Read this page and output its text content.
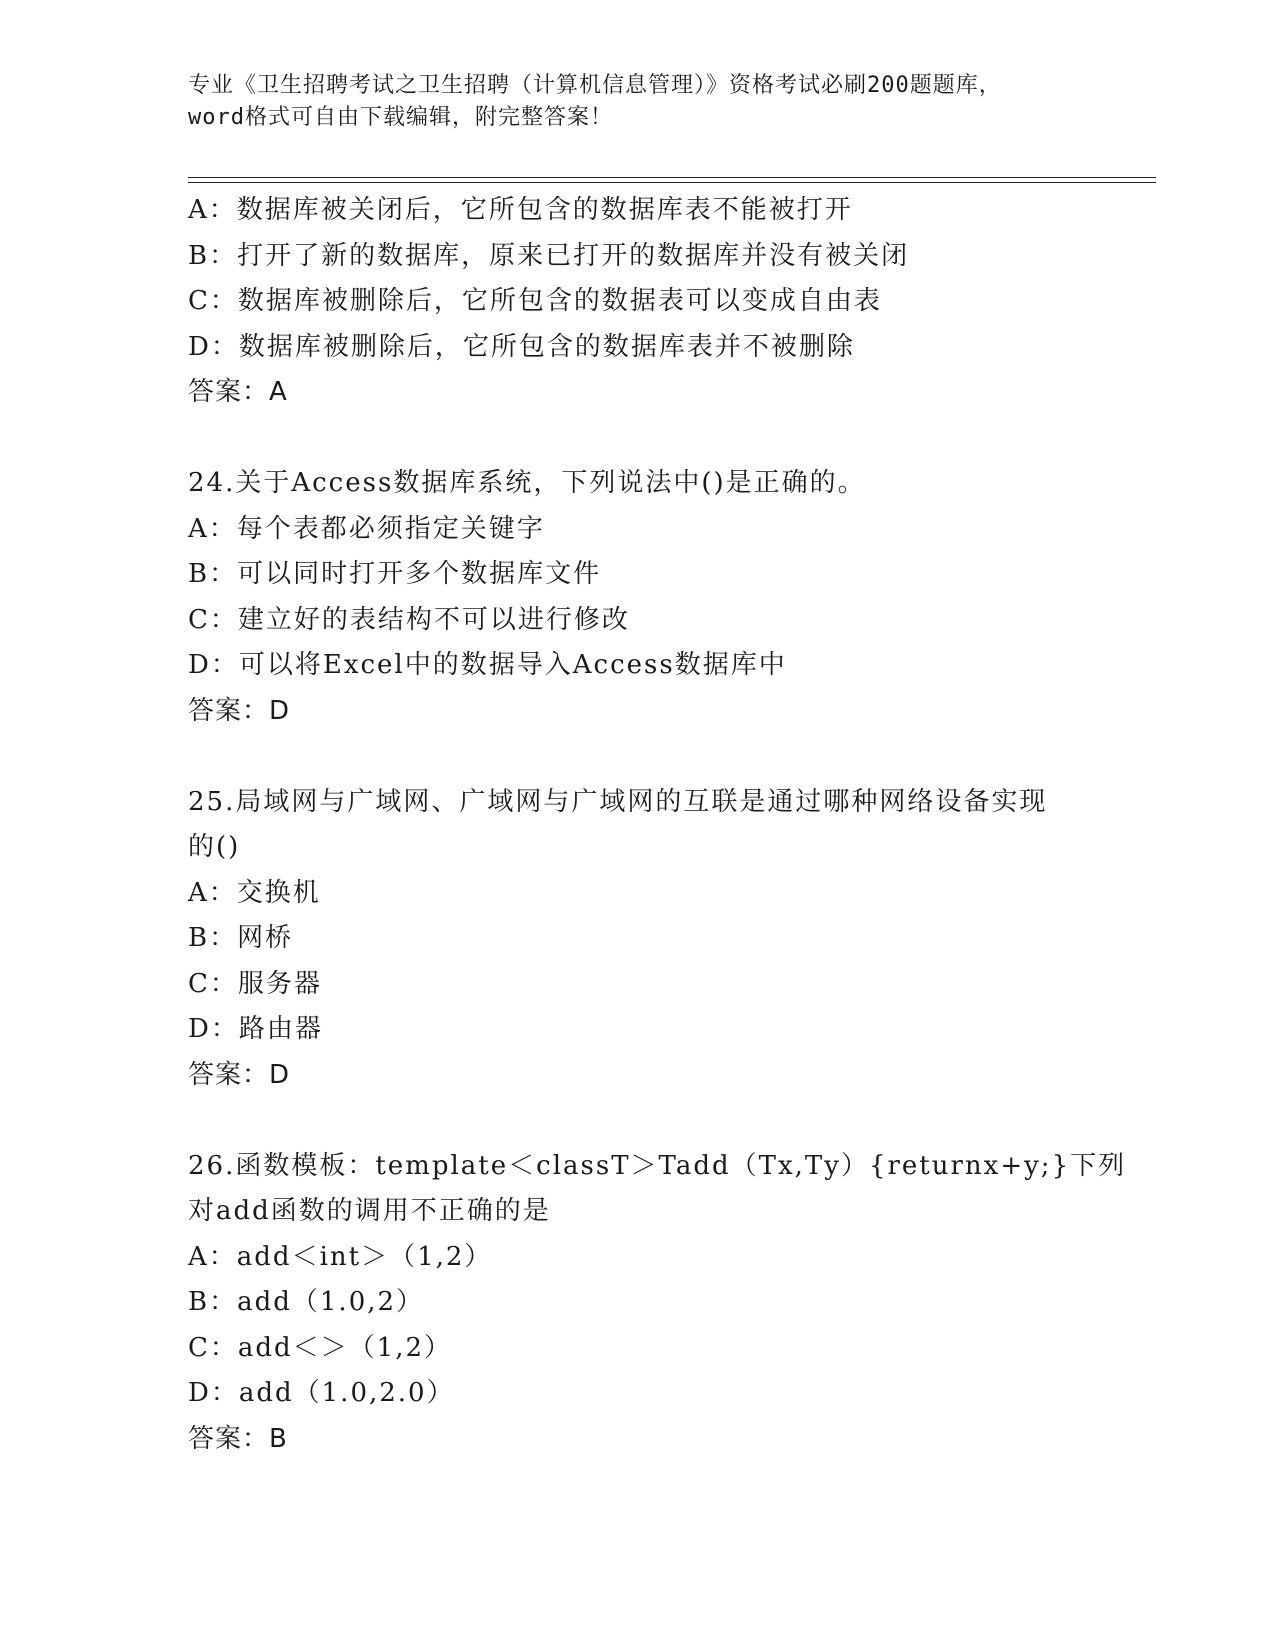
专业《卫生招聘考试之卫生招聘（计算机信息管理）》资格考试必刷200题题库，
word格式可自由下载编辑，附完整答案！
A：数据库被关闭后，它所包含的数据库表不能被打开
B：打开了新的数据库，原来已打开的数据库并没有被关闭
C：数据库被删除后，它所包含的数据表可以变成自由表
D：数据库被删除后，它所包含的数据库表并不被删除
答案：A
24.关于Access数据库系统，下列说法中()是正确的。
A：每个表都必须指定关键字
B：可以同时打开多个数据库文件
C：建立好的表结构不可以进行修改
D：可以将Excel中的数据导入Access数据库中
答案：D
25.局域网与广域网、广域网与广域网的互联是通过哪种网络设备实现
的()
A：交换机
B：网桥
C：服务器
D：路由器
答案：D
26.函数模板：template＜classT＞Tadd（Tx,Ty）{returnx+y;}下列
对add函数的调用不正确的是
A：add＜int＞（1,2）
B：add（1.0,2）
C：add＜＞（1,2）
D：add（1.0,2.0）
答案：B
